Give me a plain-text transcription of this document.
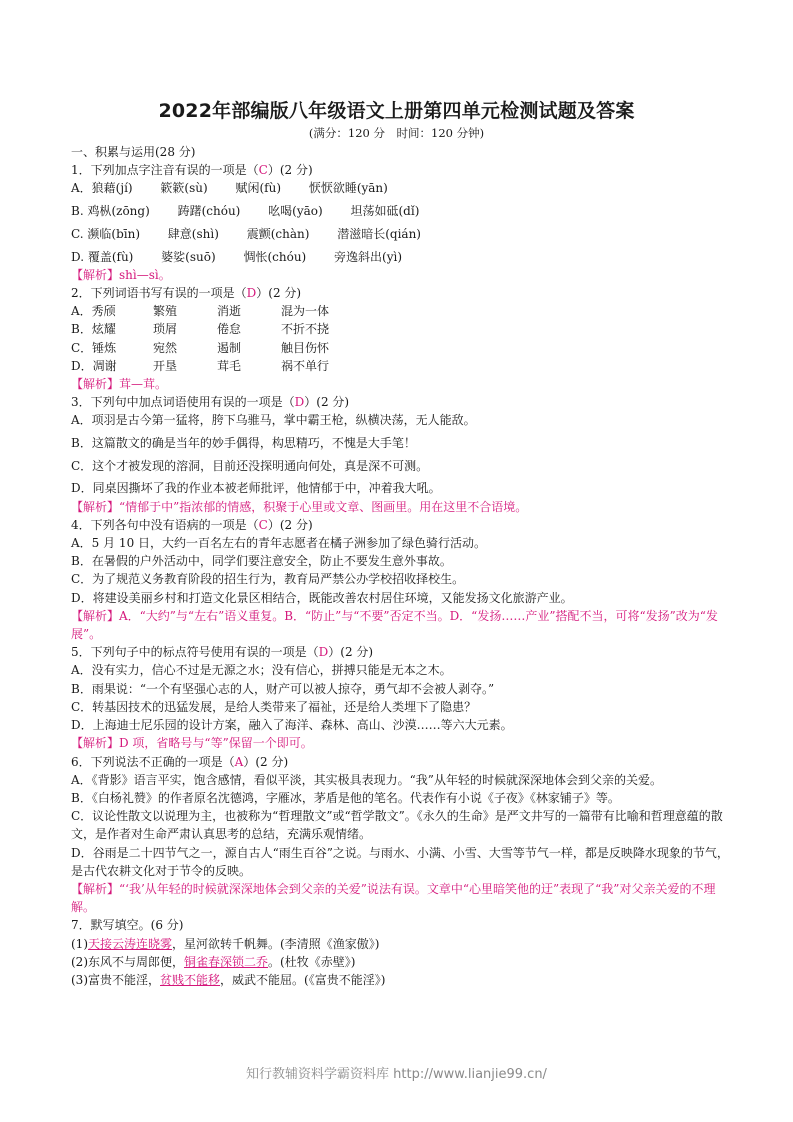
2022年部编版八年级语文上册第四单元检测试题及答案
(满分：120 分　时间：120 分钟)
一、积累与运用(28 分)
1．下列加点字注音有误的一项是（C）(2 分)
A．狼藉(jí)　　 簌簌(sù)　　 赋闲(fù)　　 恹恹欲睡(yān)
B. 鸡枞(zōng)　　 踌躇(chóu)　　 吆喝(yāo)　　 坦荡如砥(dǐ)
C. 濒临(bīn)　　 肆意(shì)　　 震颤(chàn)　　 潜滋暗长(qián)
D. 覆盖(fù)　　 婆娑(suō)　　 惆怅(chóu)　　 旁逸斜出(yì)
【解析】shì—sì。
2．下列词语书写有误的一项是（D）(2 分)
A．秀颀	繁殖	消逝	混为一体
B．炫耀	琐屑	倦怠	不折不挠
C．锤炼	宛然	遏制	触目伤怀
D．凋谢	开垦	茸毛	祸不单行
【解析】茸—茸。
3．下列句中加点词语使用有误的一项是（D）(2 分)
A．项羽是古今第一猛将，胯下乌骓马，掌中霸王枪，纵横决荡，无人能敌。
B．这篇散文的确是当年的妙手偶得，构思精巧，不愧是大手笔！
C．这个才被发现的溶洞，目前还没探明通向何处，真是深不可测。
D．同桌因撕坏了我的作业本被老师批评，他情郁于中，冲着我大吼。
【解析】“情郁于中”指浓郁的情感，积聚于心里或文章、图画里。用在这里不合语境。
4．下列各句中没有语病的一项是（C）(2 分)
A．5 月 10 日，大约一百名左右的青年志愿者在橘子洲参加了绿色骑行活动。
B．在暑假的户外活动中，同学们要注意安全，防止不要发生意外事故。
C．为了规范义务教育阶段的招生行为，教育局严禁公办学校招收择校生。
D．将建设美丽乡村和打造文化景区相结合，既能改善农村居住环境，又能发扬文化旅游产业。
【解析】A．“大约”与“左右”语义重复。B．“防止”与“不要”否定不当。D．“发扬……产业”搭配不当，可将“发扬”改为“发展”。
5．下列句子中的标点符号使用有误的一项是（D）(2 分)
A．没有实力，信心不过是无源之水；没有信心，拼搏只能是无本之木。
B．雨果说：“一个有坚强心志的人，财产可以被人掠夺，勇气却不会被人剥夺。”
C．转基因技术的迅猛发展，是给人类带来了福祉，还是给人类埋下了隐患？
D．上海迪士尼乐园的设计方案，融入了海洋、森林、高山、沙漠……等六大元素。
【解析】D 项，省略号与“等”保留一个即可。
6．下列说法不正确的一项是（A）(2 分)
A．《背影》语言平实，饱含感情，看似平淡，其实极具表现力。“我”从年轻的时候就深深地体会到父亲的关爱。
B．《白杨礼赞》的作者原名沈德鸿，字雁冰，茅盾是他的笔名。代表作有小说《子夜》《林家铺子》等。
C．议论性散文以说理为主，也被称为“哲理散文”或“哲学散文”。《永久的生命》是严文井写的一篇带有比喻和哲理意蕴的散文，是作者对生命严肃认真思考的总结，充满乐观情绪。
D．谷雨是二十四节气之一，源自古人“雨生百谷”之说。与雨水、小满、小雪、大雪等节气一样，都是反映降水现象的节气，是古代农耕文化对于节令的反映。
【解析】“‘我’从年轻的时候就深深地体会到父亲的关爱”说法有误。文章中“心里暗笑他的迂”表现了“我”对父亲关爱的不理解。
7．默写填空。(6 分)
(1)天接云涛连晓雾，星河欲转千帆舞。(李清照《渔家傲》)
(2)东风不与周郎便，铜雀春深锁二乔。(杜牧《赤壁》)
(3)富贵不能淫，贫贱不能移，威武不能屈。(《富贵不能淫》)
知行教辅资料学霸资料库 http://www.lianjie99.cn/
